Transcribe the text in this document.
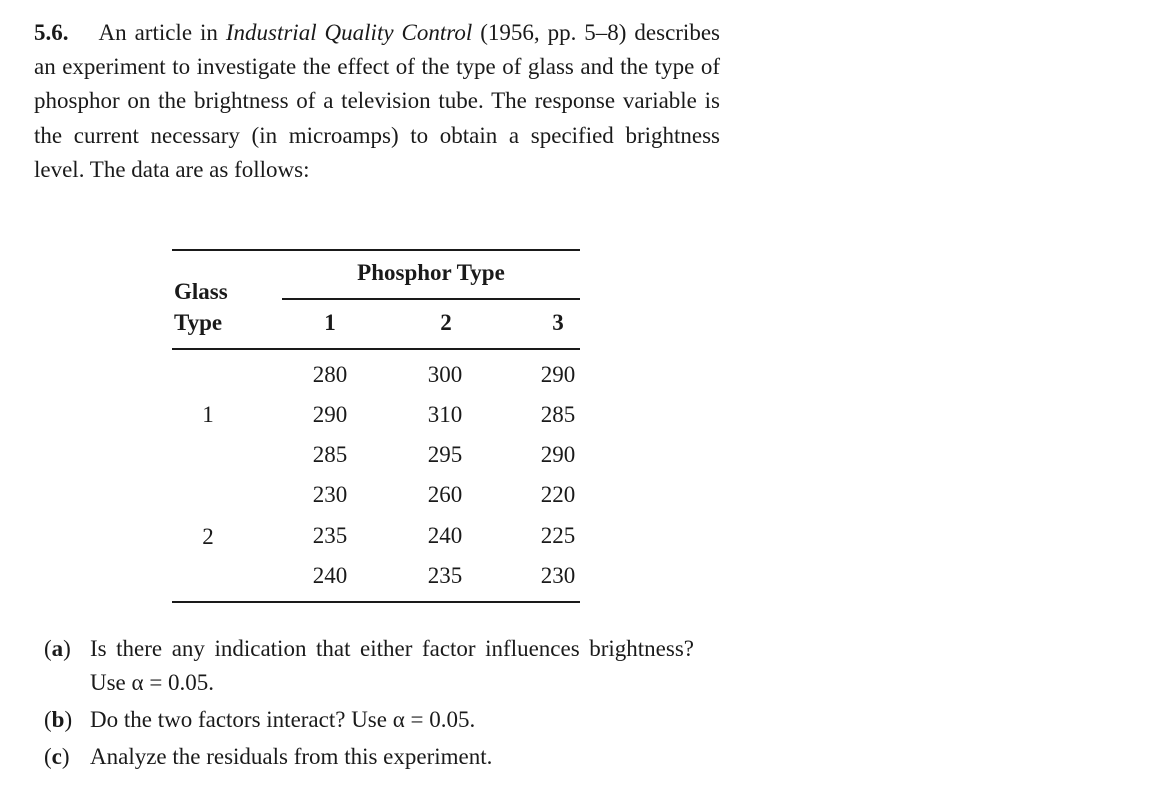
5.6. An article in Industrial Quality Control (1956, pp. 5–8) describes an experiment to investigate the effect of the type of glass and the type of phosphor on the brightness of a television tube. The response variable is the current necessary (in microamps) to obtain a specified brightness level. The data are as follows:
Phosphor Type
Glass
Type	1	2	3
1
280	300	290
290	310	285
285	295	290
2
230	260	220
235	240	225
240	235	230
(a) Is there any indication that either factor influences brightness? Use α = 0.05.
(b) Do the two factors interact? Use α = 0.05.
(c) Analyze the residuals from this experiment.
